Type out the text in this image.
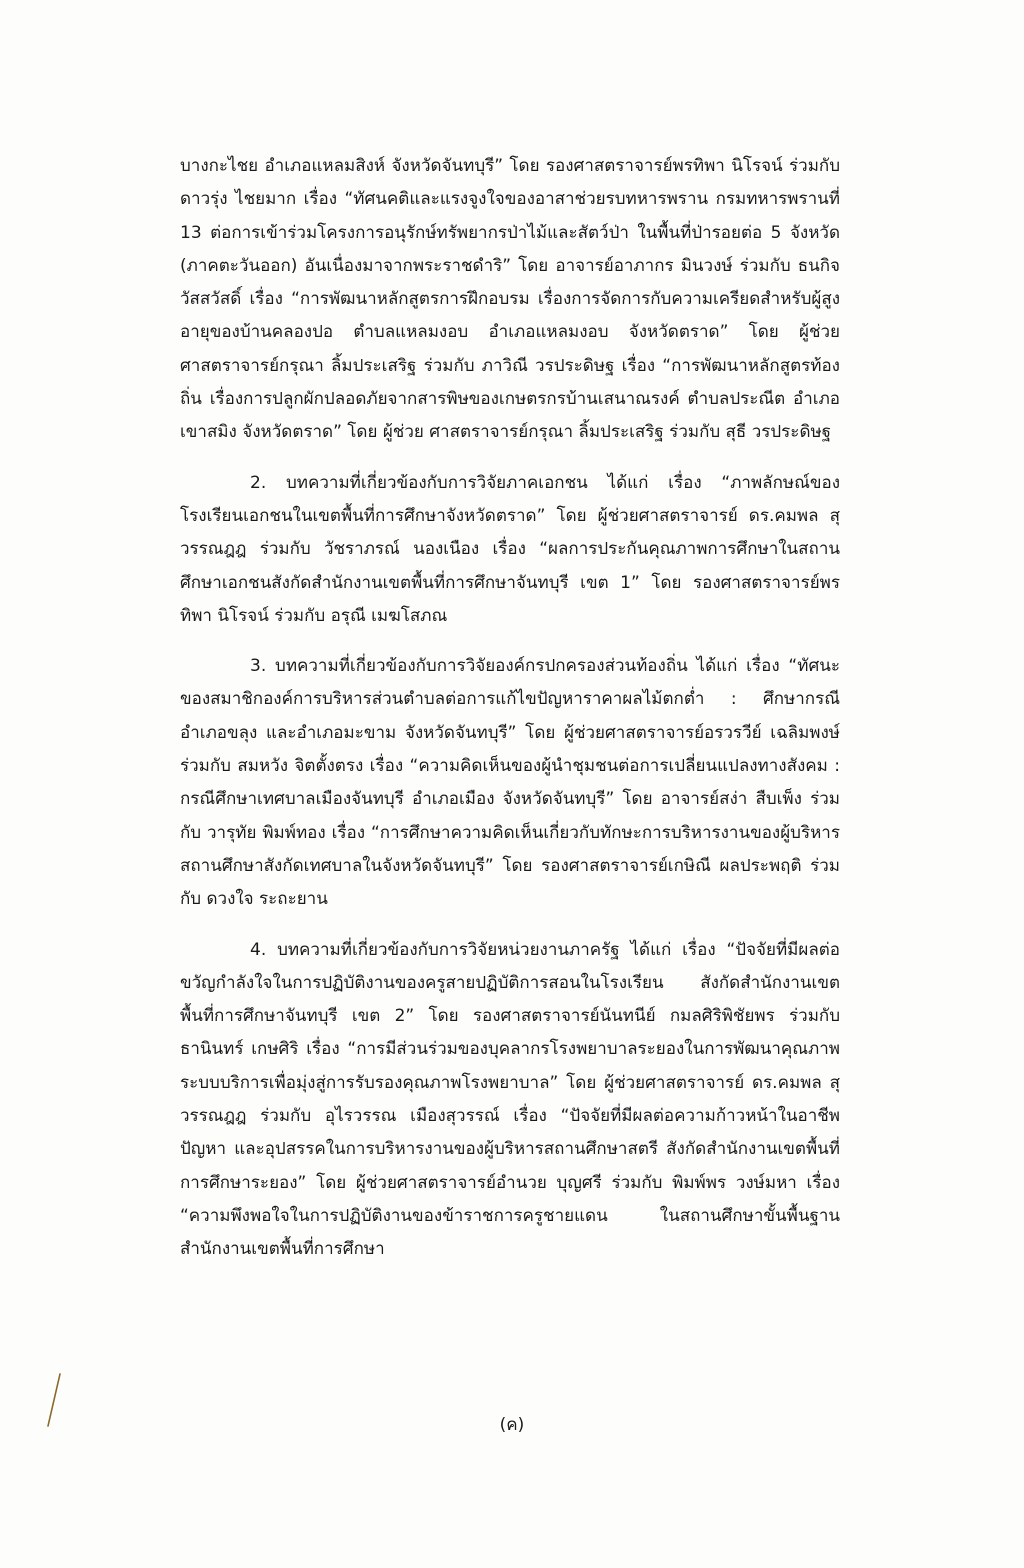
บางกะไชย อำเภอแหลมสิงห์ จังหวัดจันทบุรี” โดย รองศาสตราจารย์พรทิพา นิโรจน์ ร่วมกับ ดาวรุ่ง ไชยมาก เรื่อง “ทัศนคติและแรงจูงใจของอาสาช่วยรบทหารพราน กรมทหารพรานที่ 13 ต่อการเข้าร่วมโครงการอนุรักษ์ทรัพยากรป่าไม้และสัตว์ป่า ในพื้นที่ป่ารอยต่อ 5 จังหวัด (ภาคตะวันออก) อันเนื่องมาจากพระราชดำริ” โดย อาจารย์อาภากร มินวงษ์ ร่วมกับ ธนกิจ วัสสวัสดิ์ เรื่อง “การพัฒนาหลักสูตรการฝึกอบรม เรื่องการจัดการกับความเครียดสำหรับผู้สูงอายุของบ้านคลองปอ ตำบลแหลมงอบ อำเภอแหลมงอบ จังหวัดตราด” โดย ผู้ช่วยศาสตราจารย์กรุณา ลิ้มประเสริฐ ร่วมกับ ภาวิณี วรประดิษฐ เรื่อง “การพัฒนาหลักสูตรท้องถิ่น เรื่องการปลูกผักปลอดภัยจากสารพิษของเกษตรกรบ้านเสนาณรงค์ ตำบลประณีต อำเภอเขาสมิง จังหวัดตราด” โดย ผู้ช่วย ศาสตราจารย์กรุณา ลิ้มประเสริฐ ร่วมกับ สุธี วรประดิษฐ

2. บทความที่เกี่ยวข้องกับการวิจัยภาคเอกชน ได้แก่ เรื่อง “ภาพลักษณ์ของโรงเรียนเอกชนในเขตพื้นที่การศึกษาจังหวัดตราด” โดย ผู้ช่วยศาสตราจารย์ ดร.คมพล สุวรรณฎฎ ร่วมกับ วัชราภรณ์ นองเนือง เรื่อง “ผลการประกันคุณภาพการศึกษาในสถานศึกษาเอกชนสังกัดสำนักงานเขตพื้นที่การศึกษาจันทบุรี เขต 1” โดย รองศาสตราจารย์พรทิพา นิโรจน์ ร่วมกับ อรุณี เมฆโสภณ

3. บทความที่เกี่ยวข้องกับการวิจัยองค์กรปกครองส่วนท้องถิ่น ได้แก่ เรื่อง “ทัศนะของสมาชิกองค์การบริหารส่วนตำบลต่อการแก้ไขปัญหาราคาผลไม้ตกต่ำ : ศึกษากรณีอำเภอขลุง และอำเภอมะขาม จังหวัดจันทบุรี” โดย ผู้ช่วยศาสตราจารย์อรวรวีย์ เฉลิมพงษ์ ร่วมกับ สมหวัง จิตตั้งตรง เรื่อง “ความคิดเห็นของผู้นำชุมชนต่อการเปลี่ยนแปลงทางสังคม : กรณีศึกษาเทศบาลเมืองจันทบุรี อำเภอเมือง จังหวัดจันทบุรี” โดย อาจารย์สง่า สืบเพ็ง ร่วมกับ วารุทัย พิมพ์ทอง เรื่อง “การศึกษาความคิดเห็นเกี่ยวกับทักษะการบริหารงานของผู้บริหารสถานศึกษาสังกัดเทศบาลในจังหวัดจันทบุรี” โดย รองศาสตราจารย์เกษิณี ผลประพฤติ ร่วมกับ ดวงใจ ระถะยาน

4. บทความที่เกี่ยวข้องกับการวิจัยหน่วยงานภาครัฐ ได้แก่ เรื่อง “ปัจจัยที่มีผลต่อขวัญกำลังใจในการปฏิบัติงานของครูสายปฏิบัติการสอนในโรงเรียน สังกัดสำนักงานเขตพื้นที่การศึกษาจันทบุรี เขต 2” โดย รองศาสตราจารย์นันทนีย์ กมลศิริพิชัยพร ร่วมกับ ธานินทร์ เกษศิริ เรื่อง “การมีส่วนร่วมของบุคลากรโรงพยาบาลระยองในการพัฒนาคุณภาพระบบบริการเพื่อมุ่งสู่การรับรองคุณภาพโรงพยาบาล” โดย ผู้ช่วยศาสตราจารย์ ดร.คมพล สุวรรณฎฎ ร่วมกับ อุไรวรรณ เมืองสุวรรณ์ เรื่อง “ปัจจัยที่มีผลต่อความก้าวหน้าในอาชีพปัญหา และอุปสรรคในการบริหารงานของผู้บริหารสถานศึกษาสตรี สังกัดสำนักงานเขตพื้นที่การศึกษาระยอง” โดย ผู้ช่วยศาสตราจารย์อำนวย บุญศรี ร่วมกับ พิมพ์พร วงษ์มหา เรื่อง “ความพึงพอใจในการปฏิบัติงานของข้าราชการครูชายแดน ในสถานศึกษาขั้นพื้นฐาน สำนักงานเขตพื้นที่การศึกษา

(ค)
